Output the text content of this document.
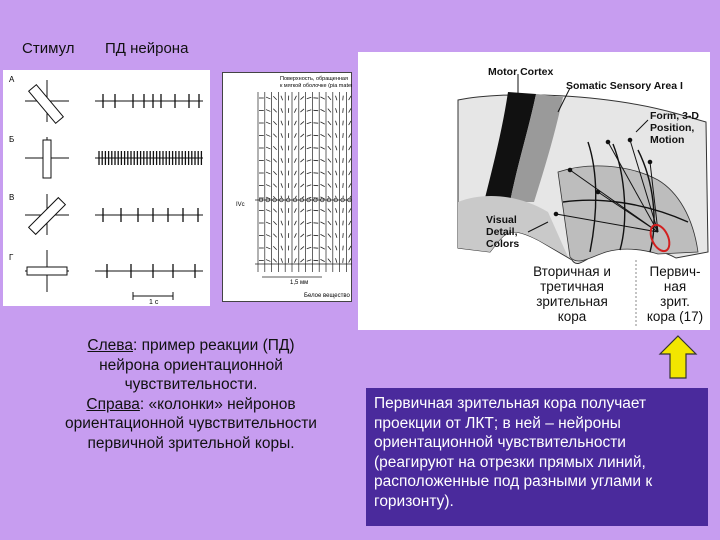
Стимул ПД нейрона
А
Б
В
Г
1 с
Поверхность, обращенная
к мягкой оболочке (pia mater)
IVc
1,5 мм
Белое вещество
Слева: пример реакции (ПД) нейрона ориентационной чувствительности.
Справа: «колонки» нейронов ориентационной чувствительности первичной зрительной коры.
Motor Cortex
Somatic Sensory Area I
Form, 3-D
Position,
Motion
Visual
Detail,
Colors
Вторичная и
третичная
зрительная
кора
Первич-
ная
зрит.
кора (17)
Первичная зрительная кора получает проекции от ЛКТ; в ней – нейроны ориентационной чувствительности (реагируют на отрезки прямых линий, расположенные под разными углами к горизонту).
